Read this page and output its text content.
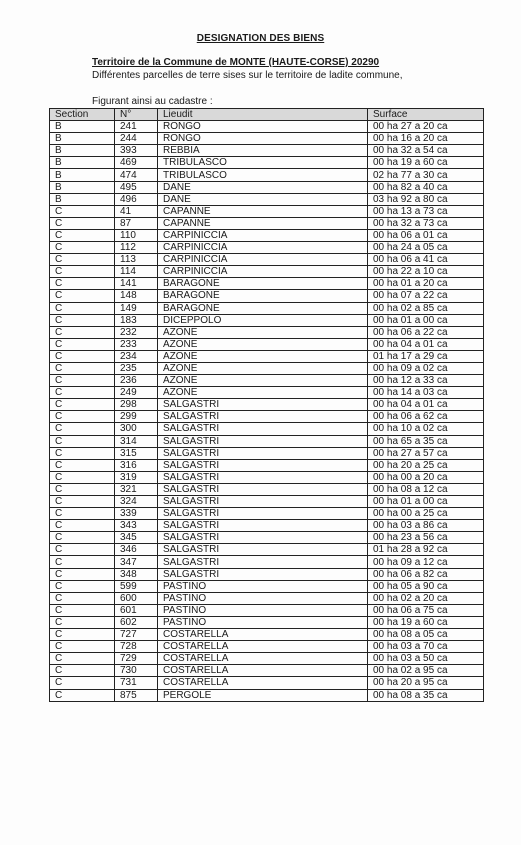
DESIGNATION DES BIENS
Territoire de la Commune de MONTE (HAUTE-CORSE) 20290
Différentes parcelles de terre sises sur le territoire de ladite commune,
Figurant ainsi au cadastre :
Section	N°	Lieudit	Surface
B	241	RONGO	00 ha 27 a 20 ca
B	244	RONGO	00 ha 16 a 20 ca
B	393	REBBIA	00 ha 32 a 54 ca
B	469	TRIBULASCO	00 ha 19 a 60 ca
B	474	TRIBULASCO	02 ha 77 a 30 ca
B	495	DANE	00 ha 82 a 40 ca
B	496	DANE	03 ha 92 a 80 ca
C	41	CAPANNE	00 ha 13 a 73 ca
C	87	CAPANNE	00 ha 32 a 73 ca
C	110	CARPINICCIA	00 ha 06 a 01 ca
C	112	CARPINICCIA	00 ha 24 a 05 ca
C	113	CARPINICCIA	00 ha 06 a 41 ca
C	114	CARPINICCIA	00 ha 22 a 10 ca
C	141	BARAGONE	00 ha 01 a 20 ca
C	148	BARAGONE	00 ha 07 a 22 ca
C	149	BARAGONE	00 ha 02 a 85 ca
C	183	DICEPPOLO	00 ha 01 a 00 ca
C	232	AZONE	00 ha 06 a 22 ca
C	233	AZONE	00 ha 04 a 01 ca
C	234	AZONE	01 ha 17 a 29 ca
C	235	AZONE	00 ha 09 a 02 ca
C	236	AZONE	00 ha 12 a 33 ca
C	249	AZONE	00 ha 14 a 03 ca
C	298	SALGASTRI	00 ha 04 a 01 ca
C	299	SALGASTRI	00 ha 06 a 62 ca
C	300	SALGASTRI	00 ha 10 a 02 ca
C	314	SALGASTRI	00 ha 65 a 35 ca
C	315	SALGASTRI	00 ha 27 a 57 ca
C	316	SALGASTRI	00 ha 20 a 25 ca
C	319	SALGASTRI	00 ha 00 a 20 ca
C	321	SALGASTRI	00 ha 08 a 12 ca
C	324	SALGASTRI	00 ha 01 a 00 ca
C	339	SALGASTRI	00 ha 00 a 25 ca
C	343	SALGASTRI	00 ha 03 a 86 ca
C	345	SALGASTRI	00 ha 23 a 56 ca
C	346	SALGASTRI	01 ha 28 a 92 ca
C	347	SALGASTRI	00 ha 09 a 12 ca
C	348	SALGASTRI	00 ha 06 a 82 ca
C	599	PASTINO	00 ha 05 a 90 ca
C	600	PASTINO	00 ha 02 a 20 ca
C	601	PASTINO	00 ha 06 a 75 ca
C	602	PASTINO	00 ha 19 a 60 ca
C	727	COSTARELLA	00 ha 08 a 05 ca
C	728	COSTARELLA	00 ha 03 a 70 ca
C	729	COSTARELLA	00 ha 03 a 50 ca
C	730	COSTARELLA	00 ha 02 a 95 ca
C	731	COSTARELLA	00 ha 20 a 95 ca
C	875	PERGOLE	00 ha 08 a 35 ca
